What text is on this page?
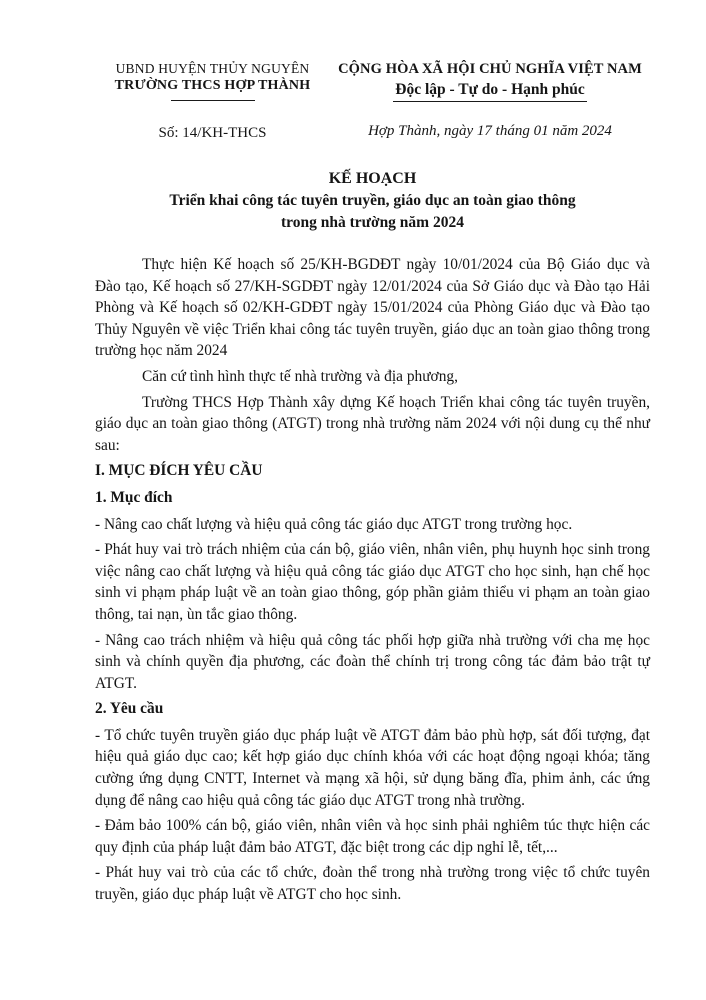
UBND HUYỆN THỦY NGUYÊN
TRƯỜNG THCS HỢP THÀNH
Số: 14/KH-THCS
CỘNG HÒA XÃ HỘI CHỦ NGHĨA VIỆT NAM
Độc lập - Tự do - Hạnh phúc
Hợp Thành, ngày 17 tháng 01 năm 2024
KẾ HOẠCH
Triển khai công tác tuyên truyền, giáo dục an toàn giao thông
trong nhà trường năm 2024

Thực hiện Kế hoạch số 25/KH-BGDĐT ngày 10/01/2024 của Bộ Giáo dục và Đào tạo, Kế hoạch số 27/KH-SGDĐT ngày 12/01/2024 của Sở Giáo dục và Đào tạo Hải Phòng và Kế hoạch số 02/KH-GDĐT ngày 15/01/2024 của Phòng Giáo dục và Đào tạo Thủy Nguyên về việc Triển khai công tác tuyên truyền, giáo dục an toàn giao thông trong trường học năm 2024

Căn cứ tình hình thực tế nhà trường và địa phương,

Trường THCS Hợp Thành xây dựng Kế hoạch Triển khai công tác tuyên truyền, giáo dục an toàn giao thông (ATGT) trong nhà trường năm 2024 với nội dung cụ thể như sau:

I. MỤC ĐÍCH YÊU CẦU

1. Mục đích

- Nâng cao chất lượng và hiệu quả công tác giáo dục ATGT trong trường học.

- Phát huy vai trò trách nhiệm của cán bộ, giáo viên, nhân viên, phụ huynh học sinh trong việc nâng cao chất lượng và hiệu quả công tác giáo dục ATGT cho học sinh, hạn chế học sinh vi phạm pháp luật về an toàn giao thông, góp phần giảm thiểu vi phạm an toàn giao thông, tai nạn, ùn tắc giao thông.

- Nâng cao trách nhiệm và hiệu quả công tác phối hợp giữa nhà trường với cha mẹ học sinh và chính quyền địa phương, các đoàn thể chính trị trong công tác đảm bảo trật tự ATGT.

2. Yêu cầu

- Tổ chức tuyên truyền giáo dục pháp luật về ATGT đảm bảo phù hợp, sát đối tượng, đạt hiệu quả giáo dục cao; kết hợp giáo dục chính khóa với các hoạt động ngoại khóa; tăng cường ứng dụng CNTT, Internet và mạng xã hội, sử dụng băng đĩa, phim ảnh, các ứng dụng để nâng cao hiệu quả công tác giáo dục ATGT trong nhà trường.

- Đảm bảo 100% cán bộ, giáo viên, nhân viên và học sinh phải nghiêm túc thực hiện các quy định của pháp luật đảm bảo ATGT, đặc biệt trong các dịp nghỉ lễ, tết,...

- Phát huy vai trò của các tổ chức, đoàn thể trong nhà trường trong việc tổ chức tuyên truyền, giáo dục pháp luật về ATGT cho học sinh.
